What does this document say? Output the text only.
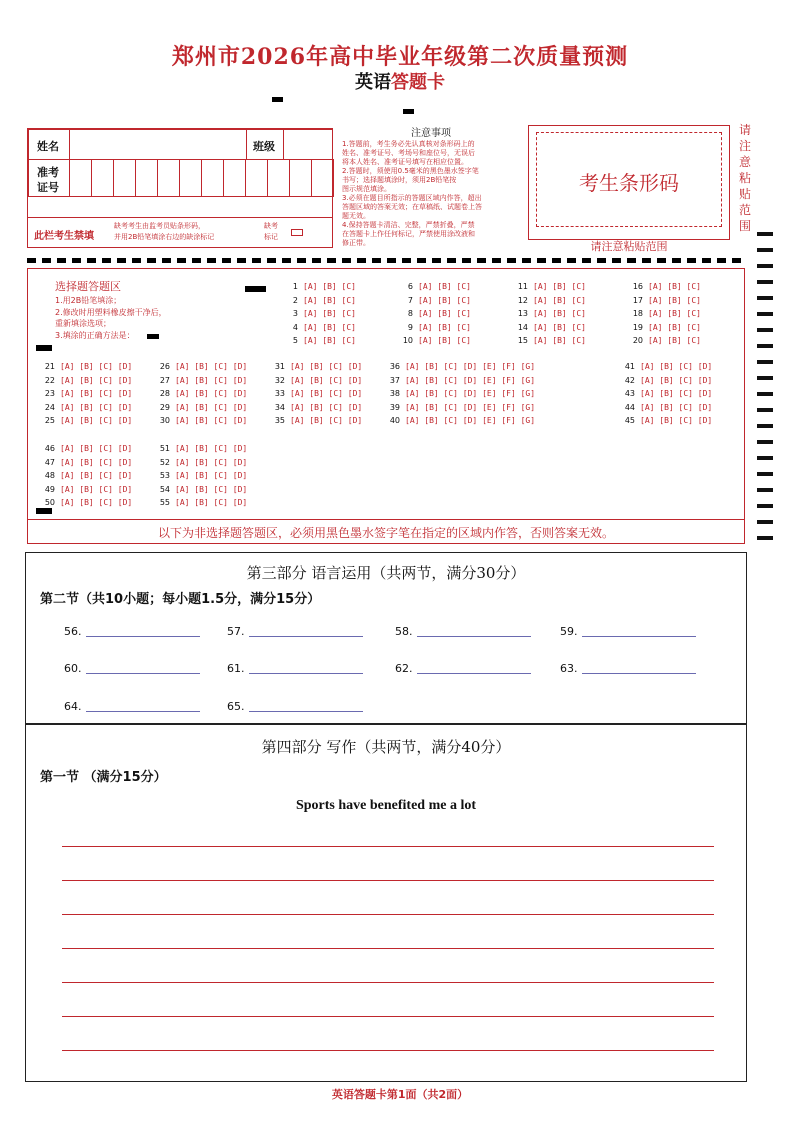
郑州市2026年高中毕业年级第二次质量预测
英语答题卡
姓名	班级
准考
证号
此栏考生禁填
缺考考生由监考员贴条形码，
并用2B铅笔填涂右边的缺涂标记
缺考
标记
注意事项
1.答题前，考生务必先认真核对条形码上的
姓名、准考证号、考场号和座位号，无误后
将本人姓名、准考证号填写在相应位置。
2.答题时，须使用0.5毫米的黑色墨水签字笔
书写；选择题填涂时，须用2B铅笔按
图示规范填涂。
3.必须在题目所指示的答题区域内作答，超出
答题区域的答案无效；在草稿纸、试题卷上答
题无效。
4.保持答题卡清洁、完整，严禁折叠，严禁
在答题卡上作任何标记，严禁使用涂改液和
修正带。
考生条形码
请注意粘贴范围
请注意粘贴范围
选择题答题区
1.用2B铅笔填涂；
2.修改时用塑料橡皮擦干净后，
重新填涂选项；
3.填涂的正确方法是：
1 [A] [B] [C]
2 [A] [B] [C]
3 [A] [B] [C]
4 [A] [B] [C]
5 [A] [B] [C]
6 [A] [B] [C]
7 [A] [B] [C]
8 [A] [B] [C]
9 [A] [B] [C]
10 [A] [B] [C]
11 [A] [B] [C]
12 [A] [B] [C]
13 [A] [B] [C]
14 [A] [B] [C]
15 [A] [B] [C]
16 [A] [B] [C]
17 [A] [B] [C]
18 [A] [B] [C]
19 [A] [B] [C]
20 [A] [B] [C]
21 [A] [B] [C] [D]
22 [A] [B] [C] [D]
23 [A] [B] [C] [D]
24 [A] [B] [C] [D]
25 [A] [B] [C] [D]
26 [A] [B] [C] [D]
27 [A] [B] [C] [D]
28 [A] [B] [C] [D]
29 [A] [B] [C] [D]
30 [A] [B] [C] [D]
31 [A] [B] [C] [D]
32 [A] [B] [C] [D]
33 [A] [B] [C] [D]
34 [A] [B] [C] [D]
35 [A] [B] [C] [D]
36 [A] [B] [C] [D] [E] [F] [G]
37 [A] [B] [C] [D] [E] [F] [G]
38 [A] [B] [C] [D] [E] [F] [G]
39 [A] [B] [C] [D] [E] [F] [G]
40 [A] [B] [C] [D] [E] [F] [G]
41 [A] [B] [C] [D]
42 [A] [B] [C] [D]
43 [A] [B] [C] [D]
44 [A] [B] [C] [D]
45 [A] [B] [C] [D]
46 [A] [B] [C] [D]
47 [A] [B] [C] [D]
48 [A] [B] [C] [D]
49 [A] [B] [C] [D]
50 [A] [B] [C] [D]
51 [A] [B] [C] [D]
52 [A] [B] [C] [D]
53 [A] [B] [C] [D]
54 [A] [B] [C] [D]
55 [A] [B] [C] [D]
以下为非选择题答题区，必须用黑色墨水签字笔在指定的区域内作答，否则答案无效。
第三部分 语言运用（共两节，满分30分）
第二节（共10小题；每小题1.5分，满分15分）
56.	57.	58.	59.
60.	61.	62.	63.
64.	65.
第四部分 写作（共两节，满分40分）
第一节 （满分15分）
Sports have benefited me a lot
英语答题卡第1面（共2面）
